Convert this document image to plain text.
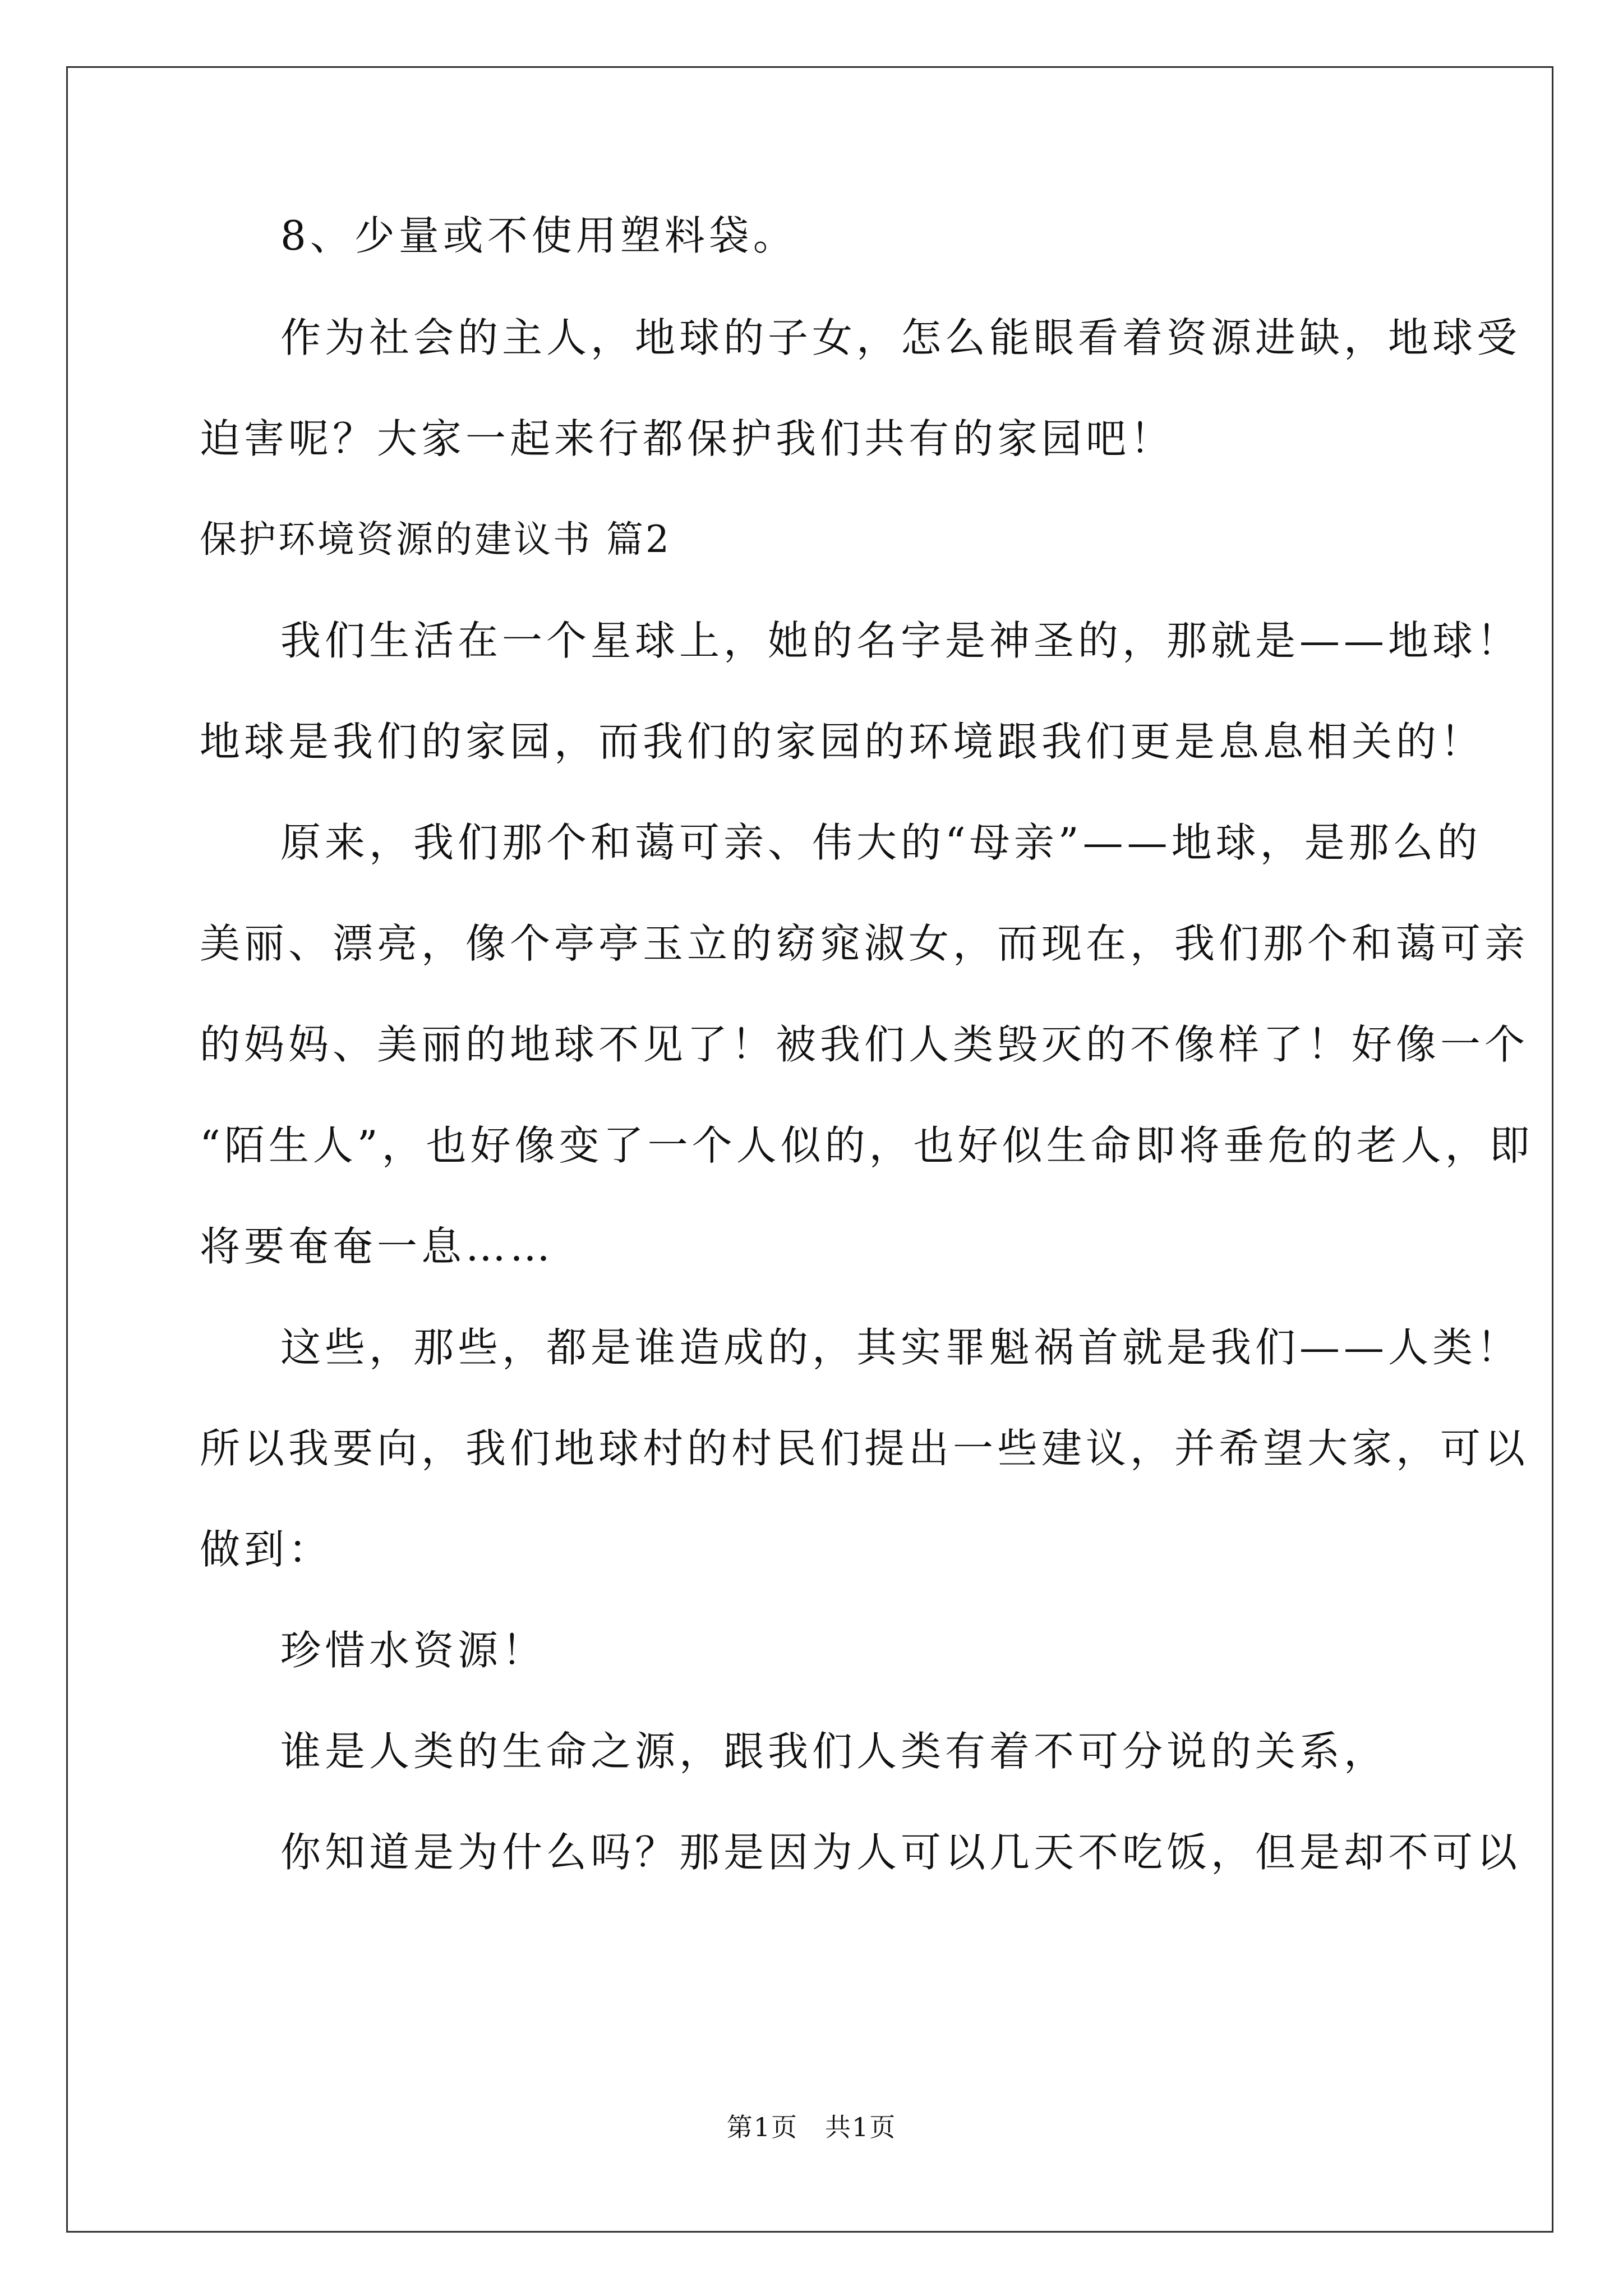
8、少量或不使用塑料袋。
作为社会的主人，地球的子女，怎么能眼看着资源进缺，地球受
迫害呢？大家一起来行都保护我们共有的家园吧！
保护环境资源的建议书 篇2
我们生活在一个星球上，她的名字是神圣的，那就是——地球！
地球是我们的家园，而我们的家园的环境跟我们更是息息相关的！
原来，我们那个和蔼可亲、伟大的“母亲”——地球，是那么的
美丽、漂亮，像个亭亭玉立的窈窕淑女，而现在，我们那个和蔼可亲
的妈妈、美丽的地球不见了！被我们人类毁灭的不像样了！好像一个
“陌生人”，也好像变了一个人似的，也好似生命即将垂危的老人，即
将要奄奄一息……
这些，那些，都是谁造成的，其实罪魁祸首就是我们——人类！
所以我要向，我们地球村的村民们提出一些建议，并希望大家，可以
做到：
珍惜水资源！
谁是人类的生命之源，跟我们人类有着不可分说的关系，
你知道是为什么吗？那是因为人可以几天不吃饭，但是却不可以
第1页　共1页
